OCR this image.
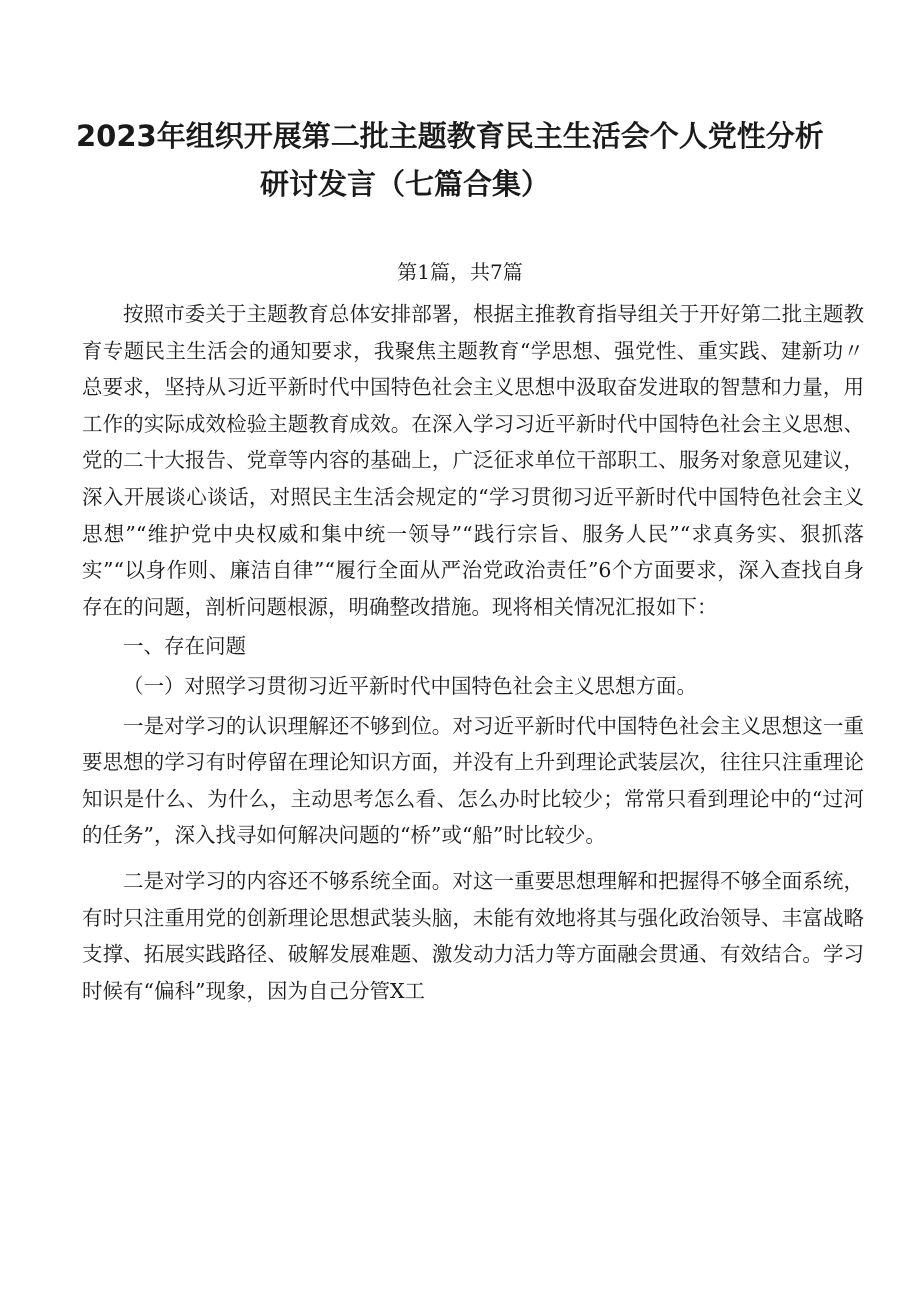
2023年组织开展第二批主题教育民主生活会个人党性分析
研讨发言（七篇合集）
第1篇，共7篇

按照市委关于主题教育总体安排部署，根据主推教育指导组关于开好第二批主题教育专题民主生活会的通知要求，我聚焦主题教育“学思想、强党性、重实践、建新功〃总要求，坚持从习近平新时代中国特色社会主义思想中汲取奋发进取的智慧和力量，用工作的实际成效检验主题教育成效。在深入学习习近平新时代中国特色社会主义思想、党的二十大报告、党章等内容的基础上，广泛征求单位干部职工、服务对象意见建议，深入开展谈心谈话，对照民主生活会规定的“学习贯彻习近平新时代中国特色社会主义思想”“维护党中央权威和集中统一领导”“践行宗旨、服务人民”“求真务实、狠抓落实”“以身作则、廉洁自律”“履行全面从严治党政治责任”6个方面要求，深入查找自身存在的问题，剖析问题根源，明确整改措施。现将相关情况汇报如下：

一、存在问题

（一）对照学习贯彻习近平新时代中国特色社会主义思想方面。

一是对学习的认识理解还不够到位。对习近平新时代中国特色社会主义思想这一重要思想的学习有时停留在理论知识方面，并没有上升到理论武装层次，往往只注重理论知识是什么、为什么，主动思考怎么看、怎么办时比较少；常常只看到理论中的“过河的任务”，深入找寻如何解决问题的“桥”或“船”时比较少。

二是对学习的内容还不够系统全面。对这一重要思想理解和把握得不够全面系统，有时只注重用党的创新理论思想武装头脑，未能有效地将其与强化政治领导、丰富战略支撑、拓展实践路径、破解发展难题、激发动力活力等方面融会贯通、有效结合。学习时候有“偏科”现象，因为自己分管X工
